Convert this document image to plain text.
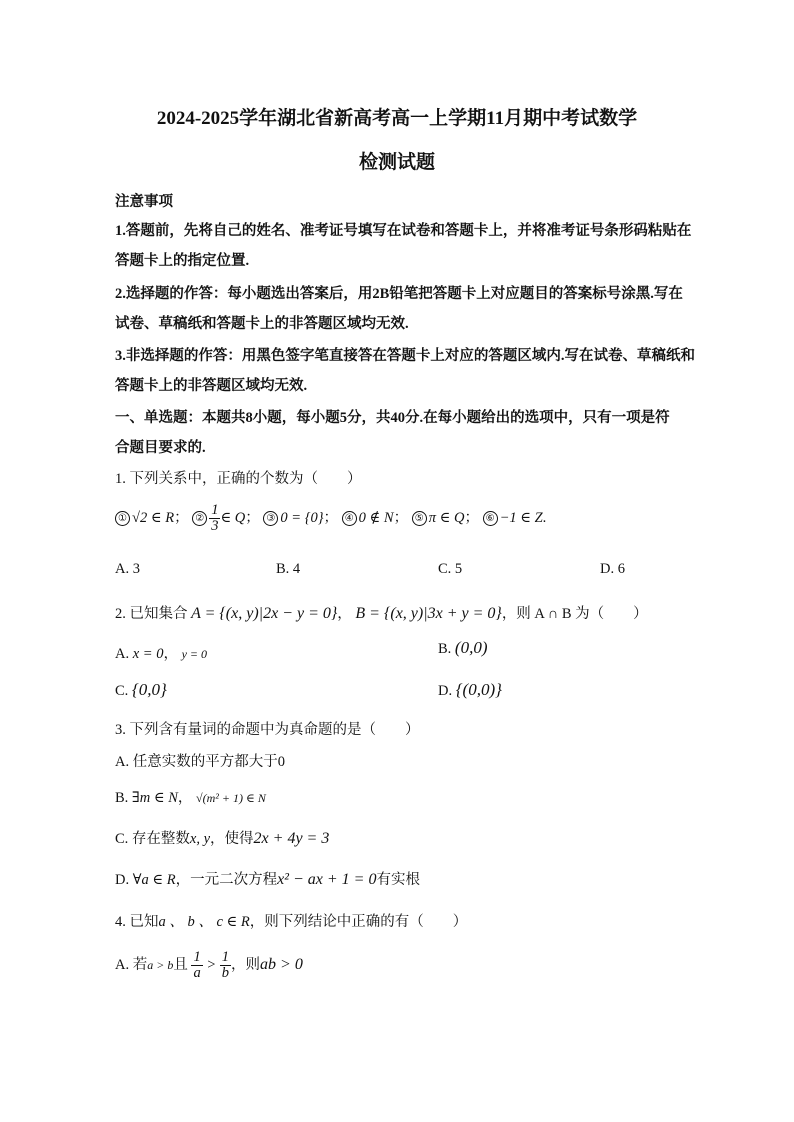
2024-2025学年湖北省新高考高一上学期11月期中考试数学
检测试题
注意事项
1.答题前，先将自己的姓名、准考证号填写在试卷和答题卡上，并将准考证号条形码粘贴在
答题卡上的指定位置.
2.选择题的作答：每小题选出答案后，用2B铅笔把答题卡上对应题目的答案标号涂黑.写在
试卷、草稿纸和答题卡上的非答题区域均无效.
3.非选择题的作答：用黑色签字笔直接答在答题卡上对应的答题区域内.写在试卷、草稿纸和
答题卡上的非答题区域均无效.
一、单选题：本题共8小题，每小题5分，共40分.在每小题给出的选项中，只有一项是符
合题目要求的.
1. 下列关系中，正确的个数为（　　）
① √2 ∈ R； ② $\frac{1}{3}$ ∈ Q； ③ 0 = {0}； ④ 0 ∉ N； ⑤ π ∈ Q； ⑥ −1 ∈ Z.
A. 3	B. 4	C. 5	D. 6
2. 已知集合 A = {(x, y)|2x − y = 0}， B = {(x, y)|3x + y = 0}，则 A ∩ B 为（　　）
A. x = 0， y = 0	B. (0,0)
C. {0,0}	D. {(0,0)}
3. 下列含有量词的命题中为真命题的是（　　）
A. 任意实数的平方都大于0
B. ∃m ∈ N， √(m² + 1) ∈ N
C. 存在整数x, y，使得2x + 4y = 3
D. ∀a ∈ R，一元二次方程x² − ax + 1 = 0有实根
4. 已知a 、 b 、 c ∈ R，则下列结论中正确的有（　　）
A. 若a > b且 $\frac{1}{a} > \frac{1}{b}$ ，则ab > 0
